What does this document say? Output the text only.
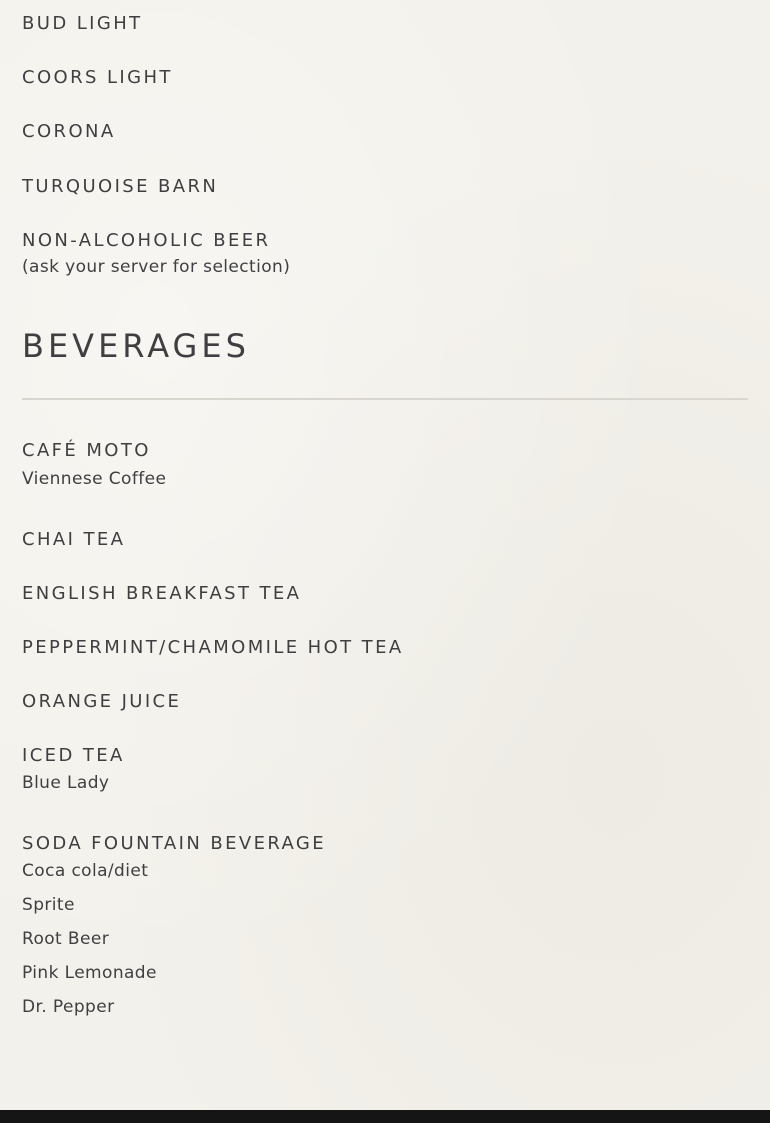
BUD LIGHT
COORS LIGHT
CORONA
TURQUOISE BARN
NON-ALCOHOLIC BEER
(ask your server for selection)
BEVERAGES
CAFÉ MOTO
Viennese Coffee
CHAI TEA
ENGLISH BREAKFAST TEA
PEPPERMINT/CHAMOMILE HOT TEA
ORANGE JUICE
ICED TEA
Blue Lady
SODA FOUNTAIN BEVERAGE
Coca cola/diet
Sprite
Root Beer
Pink Lemonade
Dr. Pepper
